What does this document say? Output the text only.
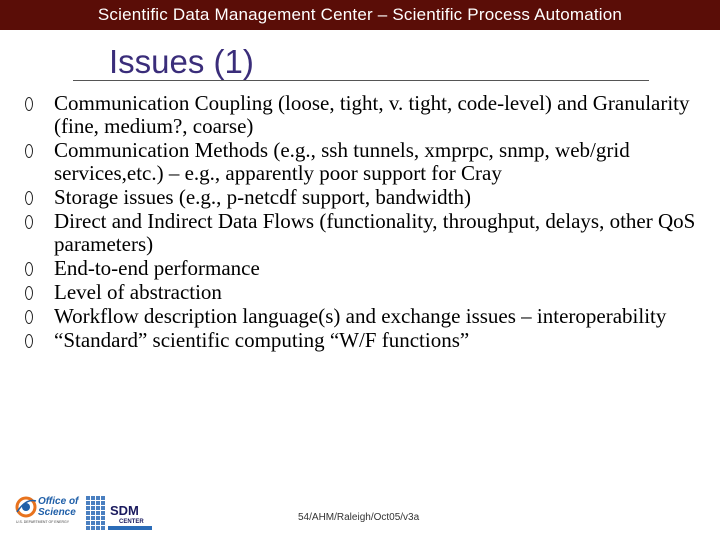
Scientific Data Management Center – Scientific Process Automation
Issues (1)
Communication Coupling (loose, tight, v. tight, code-level) and Granularity (fine, medium?, coarse)
Communication Methods (e.g., ssh tunnels, xmprpc, snmp, web/grid services,etc.) – e.g., apparently poor support for Cray
Storage issues (e.g., p-netcdf support, bandwidth)
Direct and Indirect Data Flows (functionality, throughput, delays, other QoS parameters)
End-to-end performance
Level of abstraction
Workflow description language(s) and exchange issues – interoperability
“Standard” scientific computing “W/F functions”
Office of
Science
U.S. DEPARTMENT OF ENERGY
SDM
CENTER	54/AHM/Raleigh/Oct05/v3a
